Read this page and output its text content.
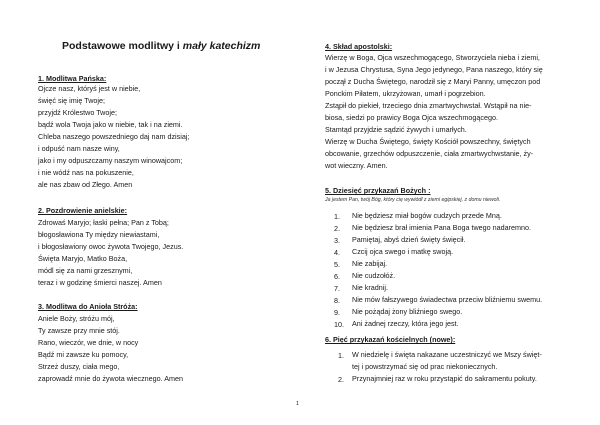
Podstawowe modlitwy i mały katechizm
1. Modlitwa Pańska:
Ojcze nasz, któryś jest w niebie,
święć się imię Twoje;
przyjdź Królestwo Twoje;
bądź wola Twoja jako w niebie, tak i na ziemi.
Chleba naszego powszedniego daj nam dzisiaj;
i odpuść nam nasze winy,
jako i my odpuszczamy naszym winowajcom;
i nie wódź nas na pokuszenie,
ale nas zbaw od Złego. Amen
2. Pozdrowienie anielskie:
Zdrowaś Maryjo; łaski pełna; Pan z Tobą;
błogosławiona Ty między niewiastami,
i błogosławiony owoc żywota Twojego, Jezus.
Święta Maryjo, Matko Boża,
módl się za nami grzesznymi,
teraz i w godzinę śmierci naszej. Amen
3. Modlitwa do Anioła Stróża:
Aniele Boży, stróżu mój,
Ty zawsze przy mnie stój.
Rano, wieczór, we dnie, w nocy
Bądź mi zawsze ku pomocy,
Strzeż duszy, ciała mego,
zaprowadź mnie do żywota wiecznego. Amen
4. Skład apostolski:
Wierzę w Boga, Ojca wszechmogącego, Stworzyciela nieba i ziemi,
i w Jezusa Chrystusa, Syna Jego jedynego, Pana naszego, który się
począł z Ducha Świętego, narodził się z Maryi Panny, umęczon pod
Ponckim Piłatem, ukrzyżowan, umarł i pogrzebion.
Zstąpił do piekieł, trzeciego dnia zmartwychwstał. Wstąpił na nie-
biosa, siedzi po prawicy Boga Ojca wszechmogącego.
Stamtąd przyjdzie sądzić żywych i umarłych.
Wierzę w Ducha Świętego, święty Kościół powszechny, świętych
obcowanie, grzechów odpuszczenie, ciała zmartwychwstanie, ży-
wot wieczny. Amen.
5. Dziesięć przykazań Bożych :
Ja jestem Pan, twój Bóg, który cię wywiódł z ziemi egipskiej, z domu niewoli.
1. Nie będziesz miał bogów cudzych przede Mną.
2. Nie będziesz brał imienia Pana Boga twego nadaremno.
3. Pamiętaj, abyś dzień święty święcił.
4. Czcij ojca swego i matkę swoją.
5. Nie zabijaj.
6. Nie cudzołóż.
7. Nie kradnij.
8. Nie mów fałszywego świadectwa przeciw bliźniemu swemu.
9. Nie pożądaj żony bliźniego swego.
10. Ani żadnej rzeczy, która jego jest.
6. Pięć przykazań kościelnych (nowe):
1. W niedzielę i święta nakazane uczestniczyć we Mszy święt-
tej i powstrzymać się od prac niekoniecznych.
2. Przynajmniej raz w roku przystąpić do sakramentu pokuty.
1
